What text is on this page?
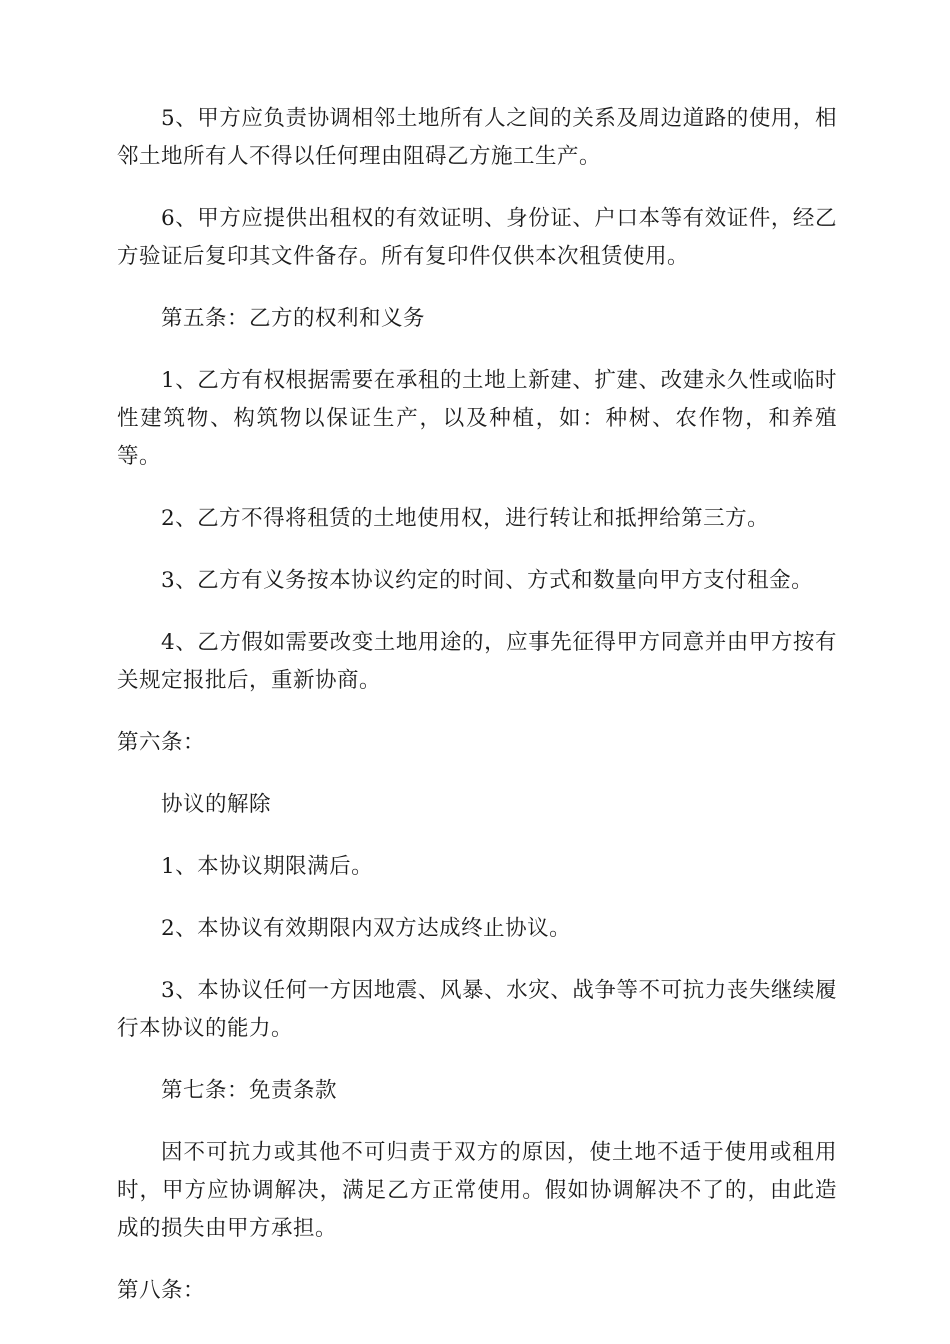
5、甲方应负责协调相邻土地所有人之间的关系及周边道路的使用，相邻土地所有人不得以任何理由阻碍乙方施工生产。

6、甲方应提供出租权的有效证明、身份证、户口本等有效证件，经乙方验证后复印其文件备存。所有复印件仅供本次租赁使用。

第五条：乙方的权利和义务

1、乙方有权根据需要在承租的土地上新建、扩建、改建永久性或临时性建筑物、构筑物以保证生产，以及种植，如：种树、农作物，和养殖等。

2、乙方不得将租赁的土地使用权，进行转让和抵押给第三方。

3、乙方有义务按本协议约定的时间、方式和数量向甲方支付租金。

4、乙方假如需要改变土地用途的，应事先征得甲方同意并由甲方按有关规定报批后，重新协商。

第六条：

协议的解除

1、本协议期限满后。

2、本协议有效期限内双方达成终止协议。

3、本协议任何一方因地震、风暴、水灾、战争等不可抗力丧失继续履行本协议的能力。

第七条：免责条款

因不可抗力或其他不可归责于双方的原因，使土地不适于使用或租用时，甲方应协调解决，满足乙方正常使用。假如协调解决不了的，由此造成的损失由甲方承担。

第八条：
